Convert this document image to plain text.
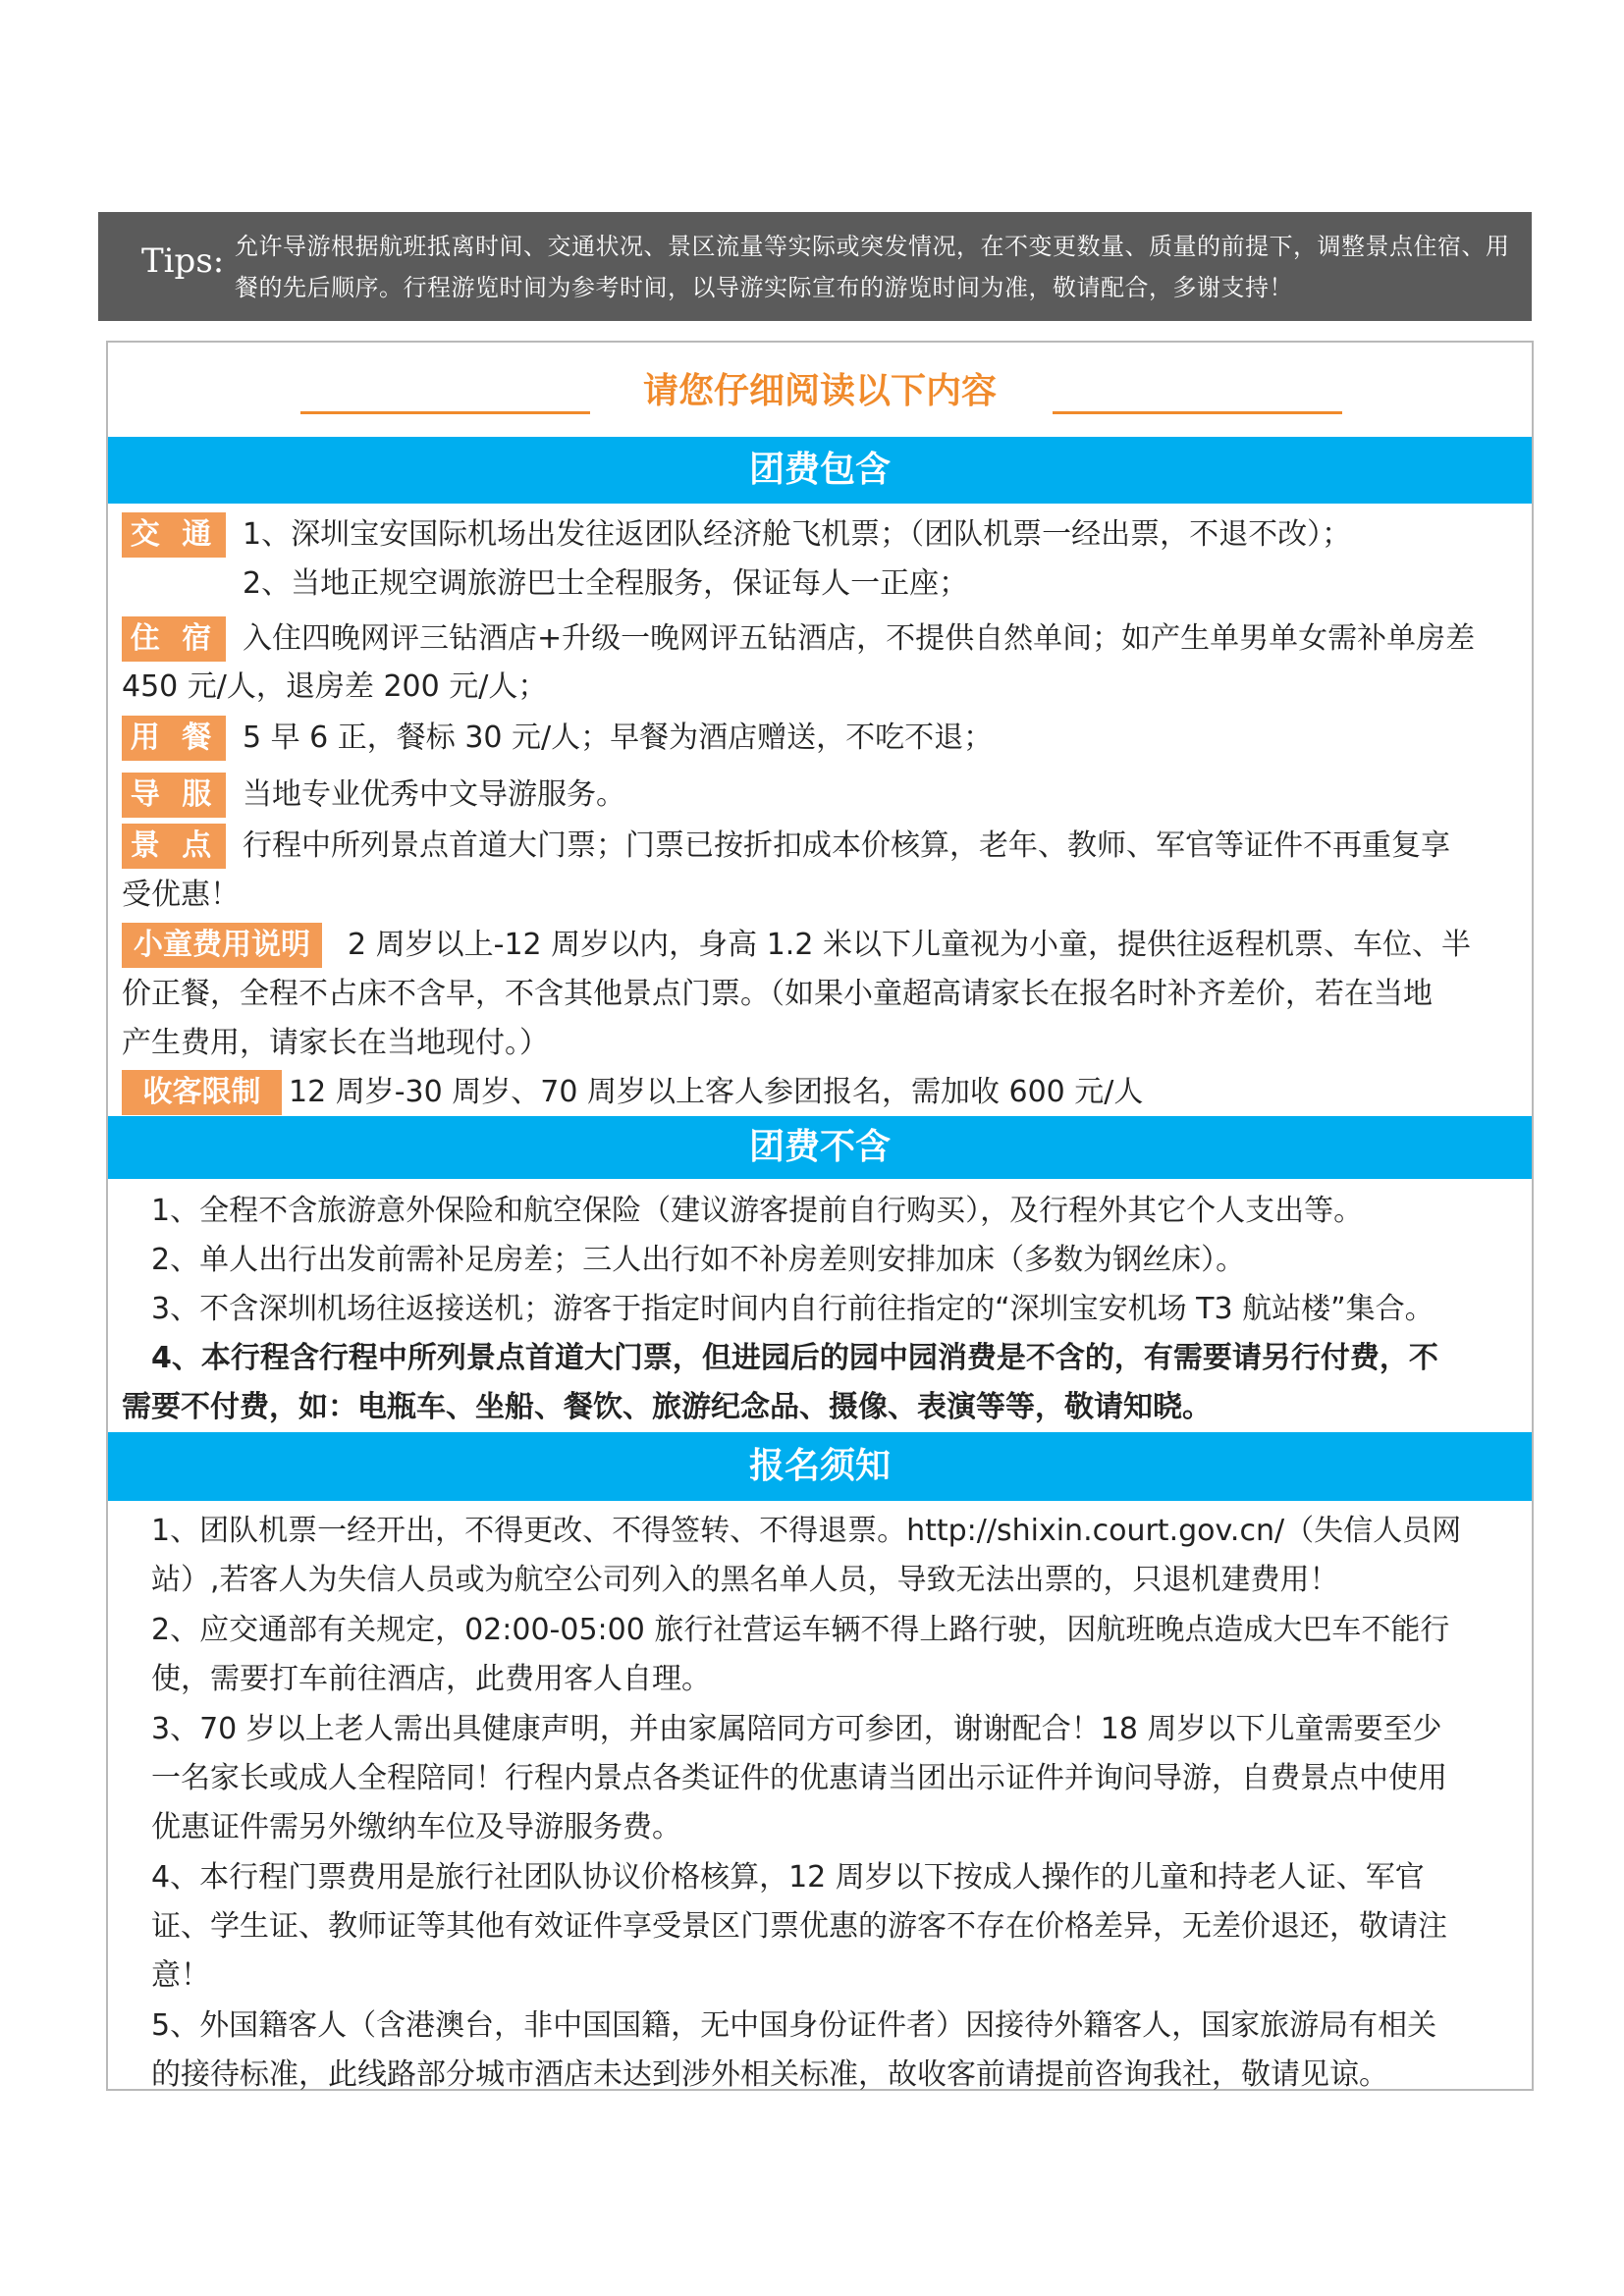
Tips: 允许导游根据航班抵离时间、交通状况、景区流量等实际或突发情况，在不变更数量、质量的前提下，调整景点住宿、用餐的先后顺序。行程游览时间为参考时间，以导游实际宣布的游览时间为准，敬请配合，多谢支持！
请您仔细阅读以下内容
团费包含
交 通 1、深圳宝安国际机场出发往返团队经济舱飞机票；（团队机票一经出票，不退不改）；
2、当地正规空调旅游巴士全程服务，保证每人一正座；
住 宿 入住四晚网评三钻酒店+升级一晚网评五钻酒店，不提供自然单间；如产生单男单女需补单房差
450 元/人，退房差 200 元/人；
用 餐 5 早 6 正，餐标 30 元/人；早餐为酒店赠送，不吃不退；
导 服 当地专业优秀中文导游服务。
景 点 行程中所列景点首道大门票；门票已按折扣成本价核算，老年、教师、军官等证件不再重复享
受优惠！
小童费用说明	2 周岁以上-12 周岁以内，身高 1.2 米以下儿童视为小童，提供往返程机票、车位、半
价正餐，全程不占床不含早，不含其他景点门票。（如果小童超高请家长在报名时补齐差价，若在当地
产生费用，请家长在当地现付。）
收客限制 12 周岁-30 周岁、70 周岁以上客人参团报名，需加收 600 元/人
团费不含
1、全程不含旅游意外保险和航空保险（建议游客提前自行购买），及行程外其它个人支出等。
2、单人出行出发前需补足房差；三人出行如不补房差则安排加床（多数为钢丝床）。
3、不含深圳机场往返接送机；游客于指定时间内自行前往指定的“深圳宝安机场 T3 航站楼”集合。
4、本行程含行程中所列景点首道大门票，但进园后的园中园消费是不含的，有需要请另行付费，不
需要不付费，如：电瓶车、坐船、餐饮、旅游纪念品、摄像、表演等等，敬请知晓。
报名须知
1、团队机票一经开出，不得更改、不得签转、不得退票。http://shixin.court.gov.cn/（失信人员网
站）,若客人为失信人员或为航空公司列入的黑名单人员，导致无法出票的，只退机建费用！
2、应交通部有关规定，02:00-05:00 旅行社营运车辆不得上路行驶，因航班晚点造成大巴车不能行
使，需要打车前往酒店，此费用客人自理。
3、70 岁以上老人需出具健康声明，并由家属陪同方可参团，谢谢配合！18 周岁以下儿童需要至少
一名家长或成人全程陪同！行程内景点各类证件的优惠请当团出示证件并询问导游，自费景点中使用
优惠证件需另外缴纳车位及导游服务费。
4、本行程门票费用是旅行社团队协议价格核算，12 周岁以下按成人操作的儿童和持老人证、军官
证、学生证、教师证等其他有效证件享受景区门票优惠的游客不存在价格差异，无差价退还，敬请注
意！
5、外国籍客人（含港澳台，非中国国籍，无中国身份证件者）因接待外籍客人，国家旅游局有相关
的接待标准，此线路部分城市酒店未达到涉外相关标准，故收客前请提前咨询我社，敬请见谅。
